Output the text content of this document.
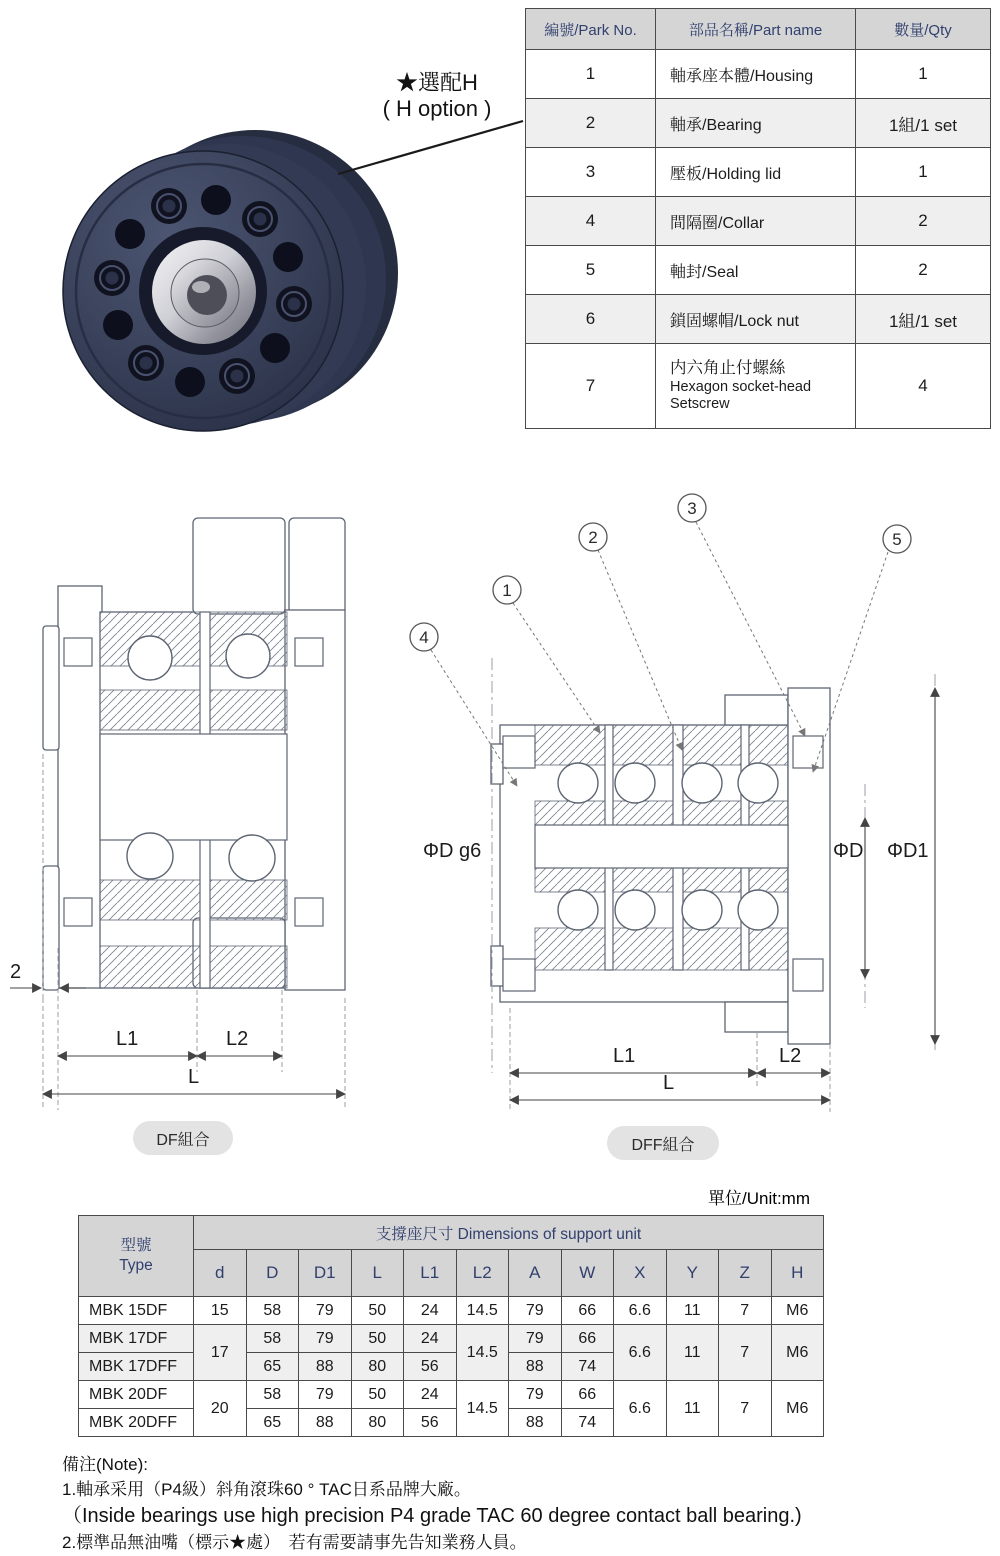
★選配H
( H option )
編號/Park No.	部品名稱/Part name	數量/Qty
1	軸承座本體/Housing	1
2	軸承/Bearing	1組/1 set
3	壓板/Holding lid	1
4	間隔圈/Collar	2
5	軸封/Seal	2
6	鎖固螺帽/Lock nut	1組/1 set
7	内六角止付螺絲
Hexagon socket-head
Setscrew	4
2
L1	L2
L
1
2
3
4
5
ΦD g6	ΦD ΦD1
L1	L2
L
DF組合	DFF組合
單位/Unit:mm
型號
Type	支撐座尺寸 Dimensions of support unit											
	d	D	D1	L	L1	L2	A	W	X	Y	Z	H
MBK 15DF	15	58	79	50	24	14.5	79	66	6.6	11	7	M6
MBK 17DF	17	58	79	50	24	14.5	79	66	6.6	11	7	M6
MBK 17DFF		65	88	80	56		88	74				
MBK 20DF	20	58	79	50	24	14.5	79	66	6.6	11	7	M6
MBK 20DFF		65	88	80	56		88	74				
備注(Note):
1.軸承采用（P4級）斜角滾珠60 ° TAC日系品牌大廠。
（Inside bearings use high precision P4 grade TAC 60 degree contact ball bearing.)
2.標準品無油嘴（標示★處）　若有需要請事先告知業務人員。
